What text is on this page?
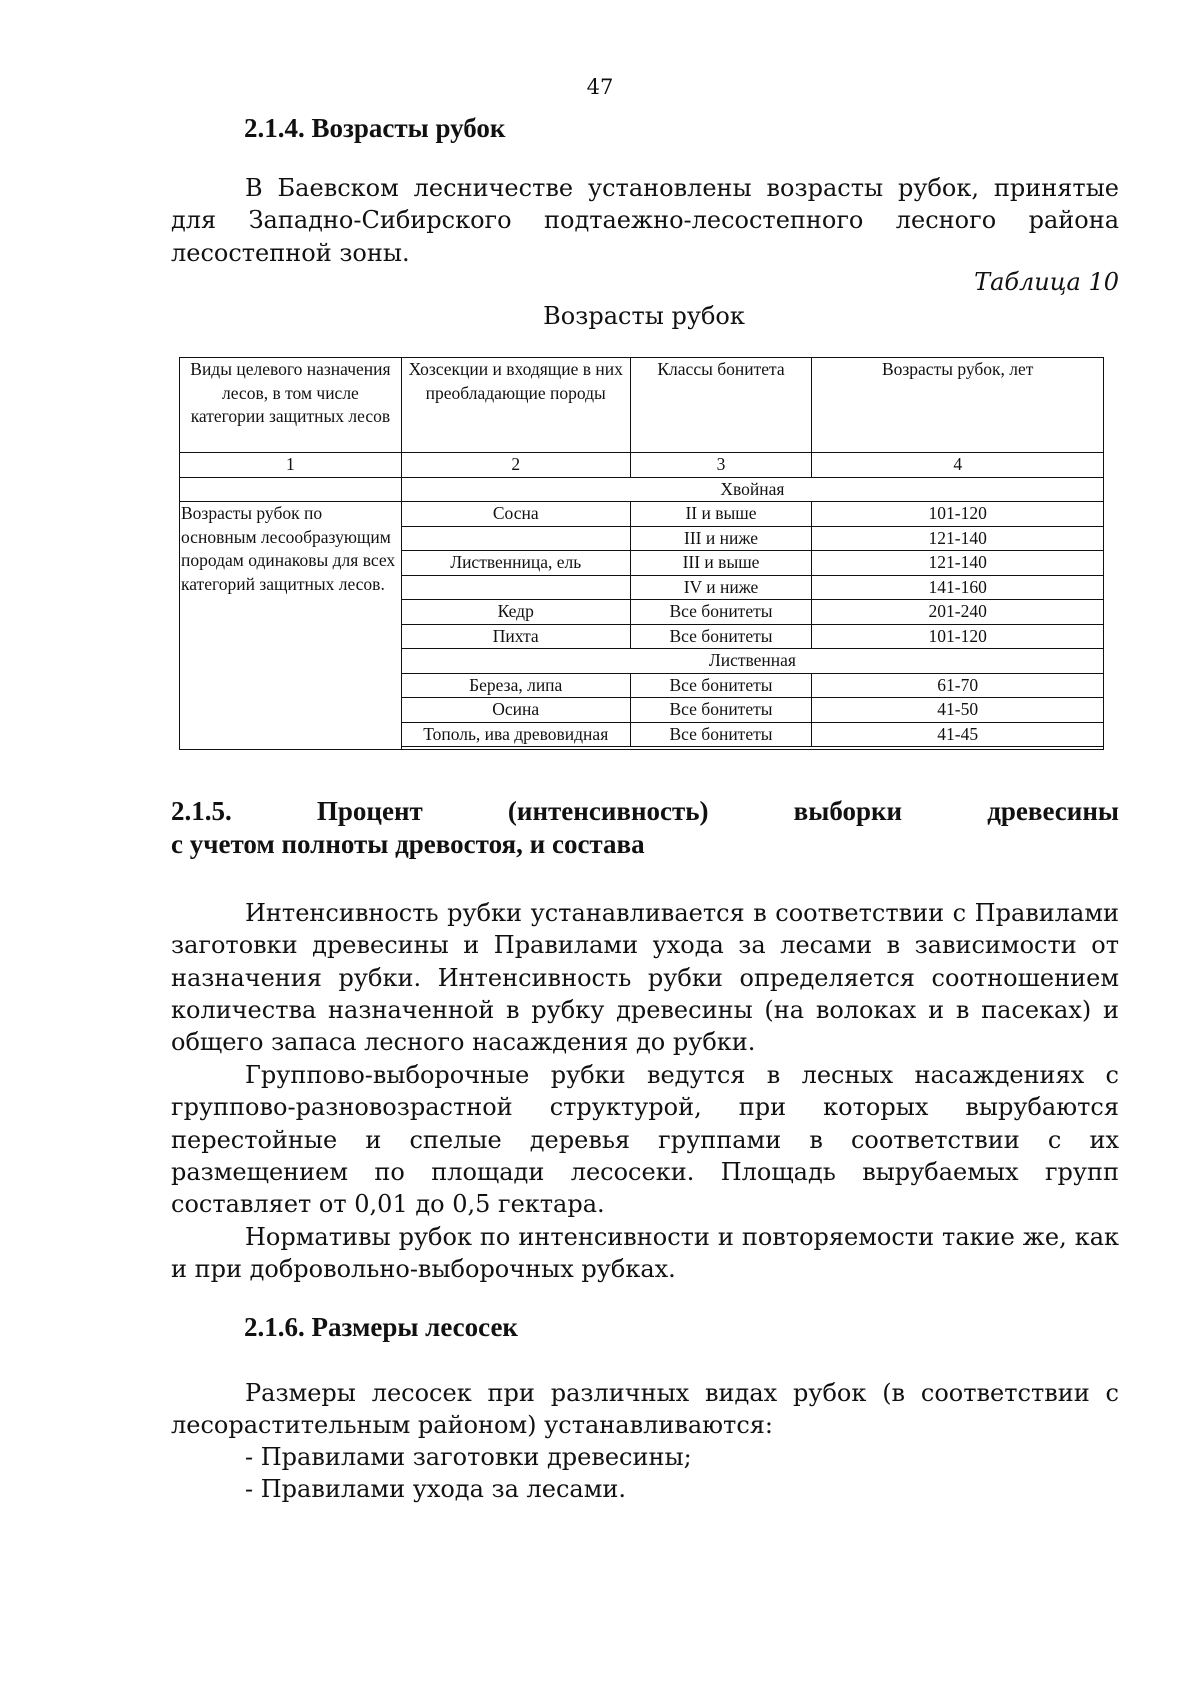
47
2.1.4. Возрасты рубок

В Баевском лесничестве установлены возрасты рубок, принятые для Западно-Сибирского подтаежно-лесостепного лесного района лесостепной зоны.

Таблица 10
Возрасты рубок
Виды целевого назначения лесов, в том числе категории защитных лесов	Хозсекции и входящие в них преобладающие породы	Классы бонитета	Возрасты рубок, лет
1	2	3	4
	Хвойная		
Возрасты рубок по основным лесообразующим породам одинаковы для всех категорий защитных лесов.	Сосна	II и выше	101-120
		III и ниже	121-140
	Лиственница, ель	III и выше	121-140
		IV и ниже	141-160
	Кедр	Все бонитеты	201-240
	Пихта	Все бонитеты	101-120
	Лиственная		
	Береза, липа	Все бонитеты	61-70
	Осина	Все бонитеты	41-50
	Тополь, ива древовидная	Все бонитеты	41-45

2.1.5.	Процент	(интенсивность)	выборки	древесины
с учетом полноты древостоя, и состава

Интенсивность рубки устанавливается в соответствии с Правилами заготовки древесины и Правилами ухода за лесами в зависимости от назначения рубки. Интенсивность рубки определяется соотношением количества назначенной в рубку древесины (на волоках и в пасеках) и общего запаса лесного насаждения до рубки.

Группово-выборочные рубки ведутся в лесных насаждениях с группово-разновозрастной структурой, при которых вырубаются перестойные и спелые деревья группами в соответствии с их размещением по площади лесосеки. Площадь вырубаемых групп составляет от 0,01 до 0,5 гектара.

Нормативы рубок по интенсивности и повторяемости такие же, как и при добровольно-выборочных рубках.

2.1.6. Размеры лесосек

Размеры лесосек при различных видах рубок (в соответствии с лесорастительным районом) устанавливаются:

- Правилами заготовки древесины;

- Правилами ухода за лесами.
